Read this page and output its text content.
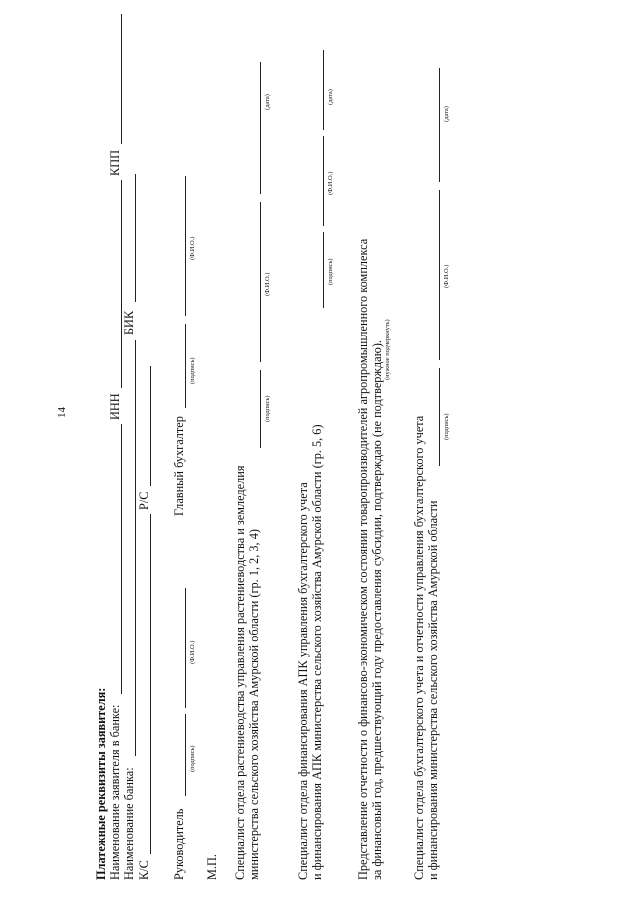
14
Платежные реквизиты заявителя: Наименование заявителя в банке:
ИНН
КПП
Наименование банка:
БИК
К/С
Р/С
Руководитель
(подпись)
(Ф.И.О.)
Главный бухгалтер
(подпись)
(Ф.И.О.)
М.П. Специалист отдела растениеводства управления растениеводства и земледелия министерства сельского хозяйства Амурской области (гр. 1, 2, 3, 4)
(подпись)
(Ф.И.О.)
(дата)
Специалист отдела финансирования АПК управления бухгалтерского учета и финансирования АПК министерства сельского хозяйства Амурской области (гр. 5, 6)
(подпись)
(Ф.И.О.)
(дата)
Представление отчетности о финансово-экономическом состоянии товаропроизводителей агропромышленного комплекса за финансовый год, предшествующий году предоставления субсидии, подтверждаю (не подтверждаю). (нужное подчеркнуть)
Специалист отдела бухгалтерского учета и отчетности управления бухгалтерского учета и финансирования министерства сельского хозяйства Амурской области
(подпись)
(Ф.И.О.)
(дата)
